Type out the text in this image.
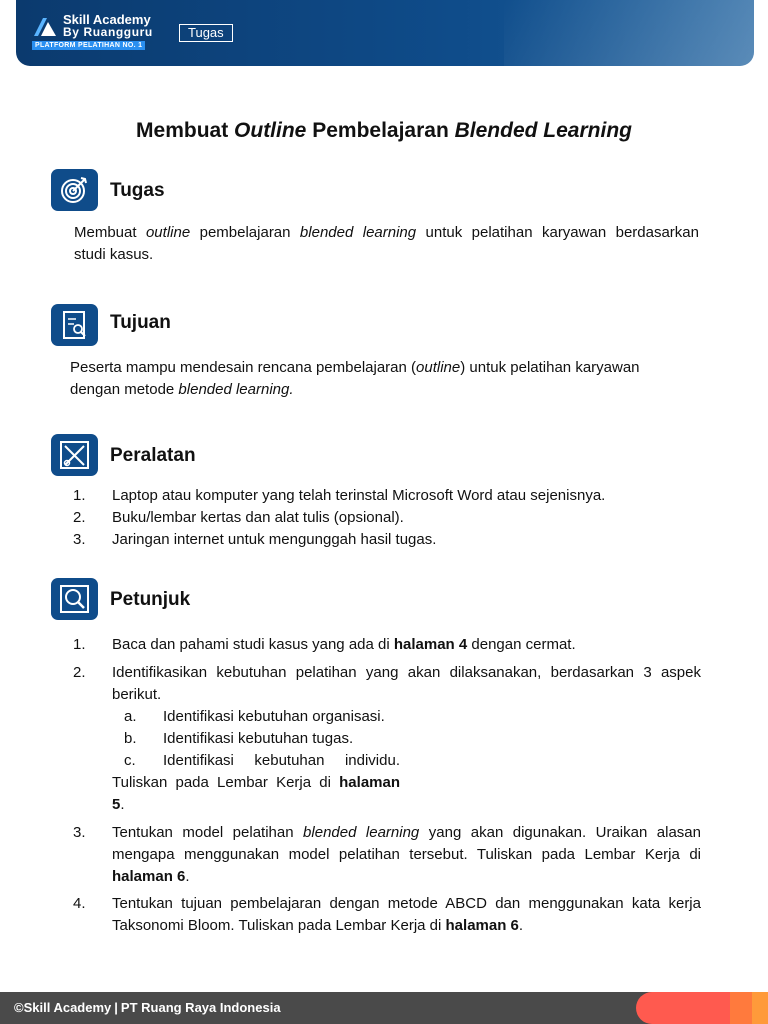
Skill Academy
By Ruangguru
PLATFORM PELATIHAN NO. 1
Tugas
Membuat Outline Pembelajaran Blended Learning
Tugas
Membuat outline pembelajaran blended learning untuk pelatihan karyawan berdasarkan
studi kasus.
Tujuan
Peserta mampu mendesain rencana pembelajaran (outline) untuk pelatihan karyawan
dengan metode blended learning.
Peralatan
1. Laptop atau komputer yang telah terinstal Microsoft Word atau sejenisnya.
2. Buku/lembar kertas dan alat tulis (opsional).
3. Jaringan internet untuk mengunggah hasil tugas.
Petunjuk
1. Baca dan pahami studi kasus yang ada di halaman 4 dengan cermat.
2. Identifikasikan kebutuhan pelatihan yang akan dilaksanakan, berdasarkan 3 aspek
berikut.
a. Identifikasi kebutuhan organisasi.
b. Identifikasi kebutuhan tugas.
c. Identifikasi kebutuhan individu.
Tuliskan pada Lembar Kerja di halaman
5.
3. Tentukan model pelatihan blended learning yang akan digunakan. Uraikan alasan
mengapa menggunakan model pelatihan tersebut. Tuliskan pada Lembar Kerja di
halaman 6.
4. Tentukan tujuan pembelajaran dengan metode ABCD dan menggunakan kata kerja
Taksonomi Bloom. Tuliskan pada Lembar Kerja di halaman 6.
©Skill Academy | PT Ruang Raya Indonesia
